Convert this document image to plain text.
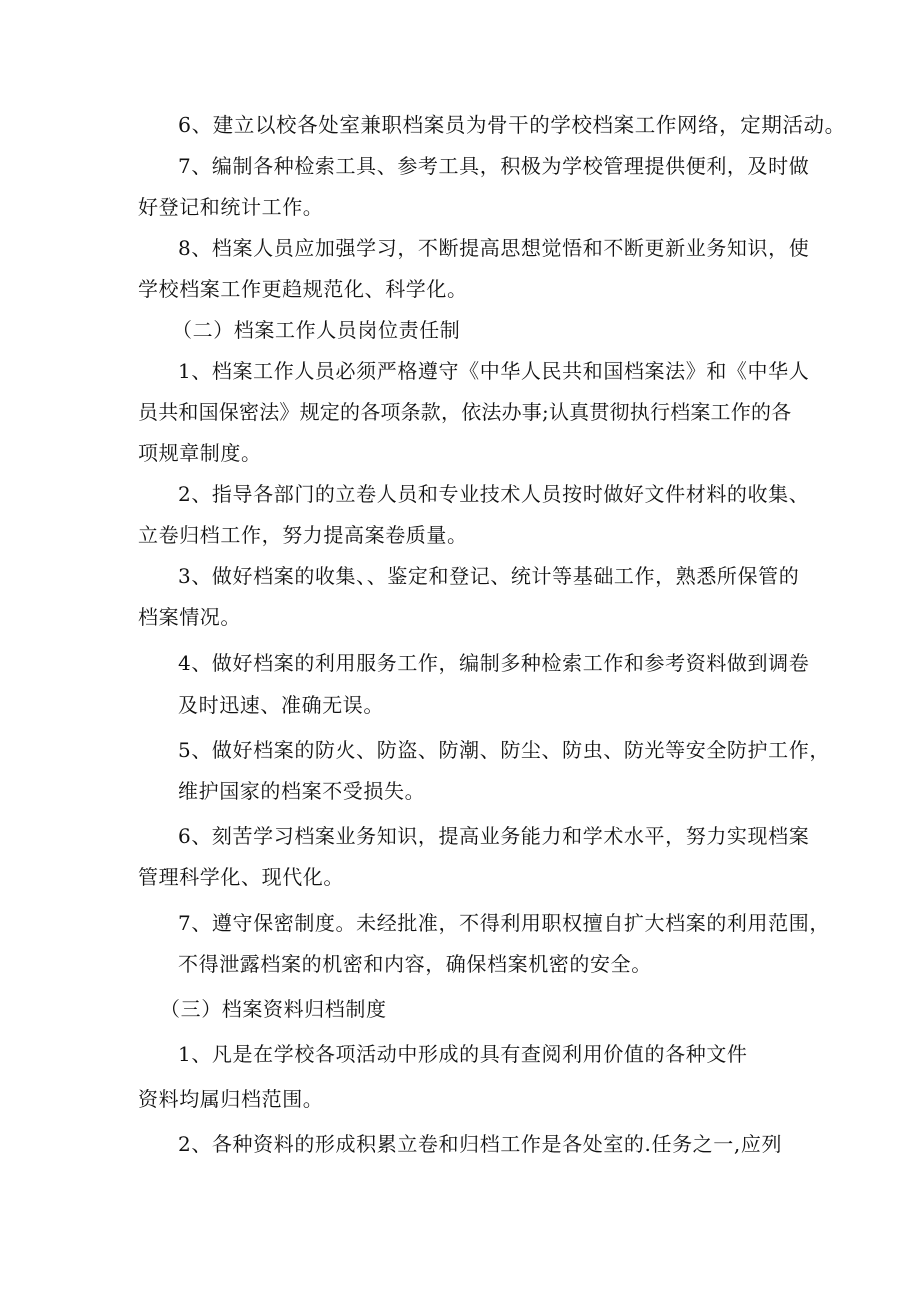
6、建立以校各处室兼职档案员为骨干的学校档案工作网络，定期活动。
7、编制各种检索工具、参考工具，积极为学校管理提供便利，及时做
好登记和统计工作。
8、档案人员应加强学习，不断提高思想觉悟和不断更新业务知识，使
学校档案工作更趋规范化、科学化。
（二）档案工作人员岗位责任制
1、档案工作人员必须严格遵守《中华人民共和国档案法》和《中华人
员共和国保密法》规定的各项条款，依法办事;认真贯彻执行档案工作的各
项规章制度。
2、指导各部门的立卷人员和专业技术人员按时做好文件材料的收集、
立卷归档工作，努力提高案卷质量。
3、做好档案的收集、、鉴定和登记、统计等基础工作，熟悉所保管的
档案情况。
4、做好档案的利用服务工作，编制多种检索工作和参考资料做到调卷
及时迅速、准确无误。
5、做好档案的防火、防盗、防潮、防尘、防虫、防光等安全防护工作，
维护国家的档案不受损失。
6、刻苦学习档案业务知识，提高业务能力和学术水平，努力实现档案
管理科学化、现代化。
7、遵守保密制度。未经批准，不得利用职权擅自扩大档案的利用范围，
不得泄露档案的机密和内容，确保档案机密的安全。
（三）档案资料归档制度
1、凡是在学校各项活动中形成的具有查阅利用价值的各种文件
资料均属归档范围。
2、各种资料的形成积累立卷和归档工作是各处室的.任务之一,应列
